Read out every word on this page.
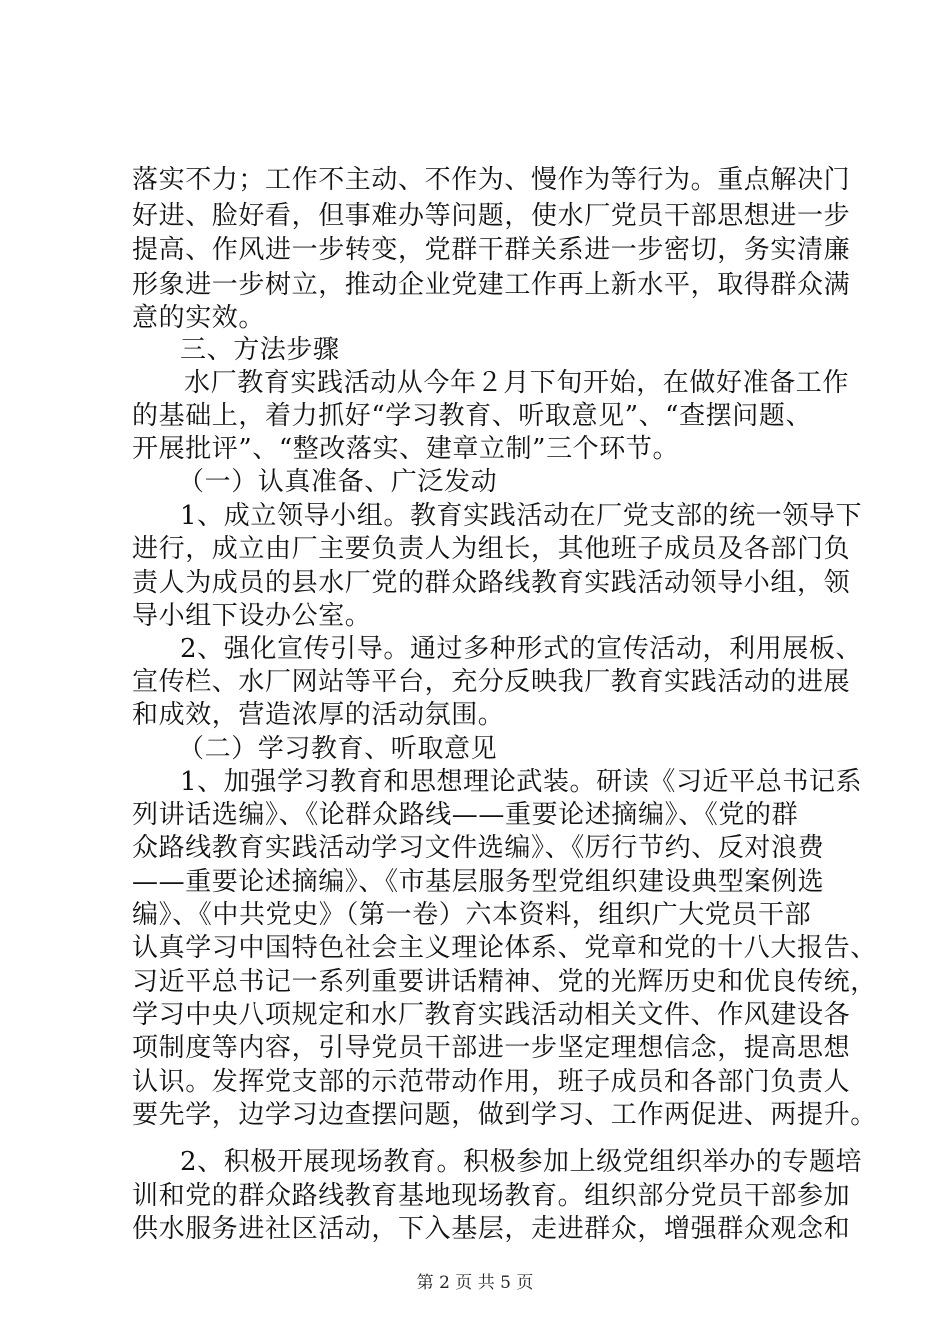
落实不力；工作不主动、不作为、慢作为等行为。重点解决门
好进、脸好看，但事难办等问题，使水厂党员干部思想进一步
提高、作风进一步转变，党群干群关系进一步密切，务实清廉
形象进一步树立，推动企业党建工作再上新水平，取得群众满
意的实效。
三、方法步骤
水厂教育实践活动从今年２月下旬开始，在做好准备工作
的基础上，着力抓好“学习教育、听取意见”、“查摆问题、
开展批评”、“整改落实、建章立制”三个环节。
（一）认真准备、广泛发动
1、成立领导小组。教育实践活动在厂党支部的统一领导下
进行，成立由厂主要负责人为组长，其他班子成员及各部门负
责人为成员的县水厂党的群众路线教育实践活动领导小组，领
导小组下设办公室。
2、强化宣传引导。通过多种形式的宣传活动，利用展板、
宣传栏、水厂网站等平台，充分反映我厂教育实践活动的进展
和成效，营造浓厚的活动氛围。
（二）学习教育、听取意见
1、加强学习教育和思想理论武装。研读《习近平总书记系
列讲话选编》、《论群众路线——重要论述摘编》、《党的群
众路线教育实践活动学习文件选编》、《厉行节约、反对浪费
——重要论述摘编》、《市基层服务型党组织建设典型案例选
编》、《中共党史》（第一卷）六本资料，组织广大党员干部
认真学习中国特色社会主义理论体系、党章和党的十八大报告、
习近平总书记一系列重要讲话精神、党的光辉历史和优良传统，
学习中央八项规定和水厂教育实践活动相关文件、作风建设各
项制度等内容，引导党员干部进一步坚定理想信念，提高思想
认识。发挥党支部的示范带动作用，班子成员和各部门负责人
要先学，边学习边查摆问题，做到学习、工作两促进、两提升。
2、积极开展现场教育。积极参加上级党组织举办的专题培
训和党的群众路线教育基地现场教育。组织部分党员干部参加
供水服务进社区活动，下入基层，走进群众，增强群众观念和
第 2 页 共 5 页
